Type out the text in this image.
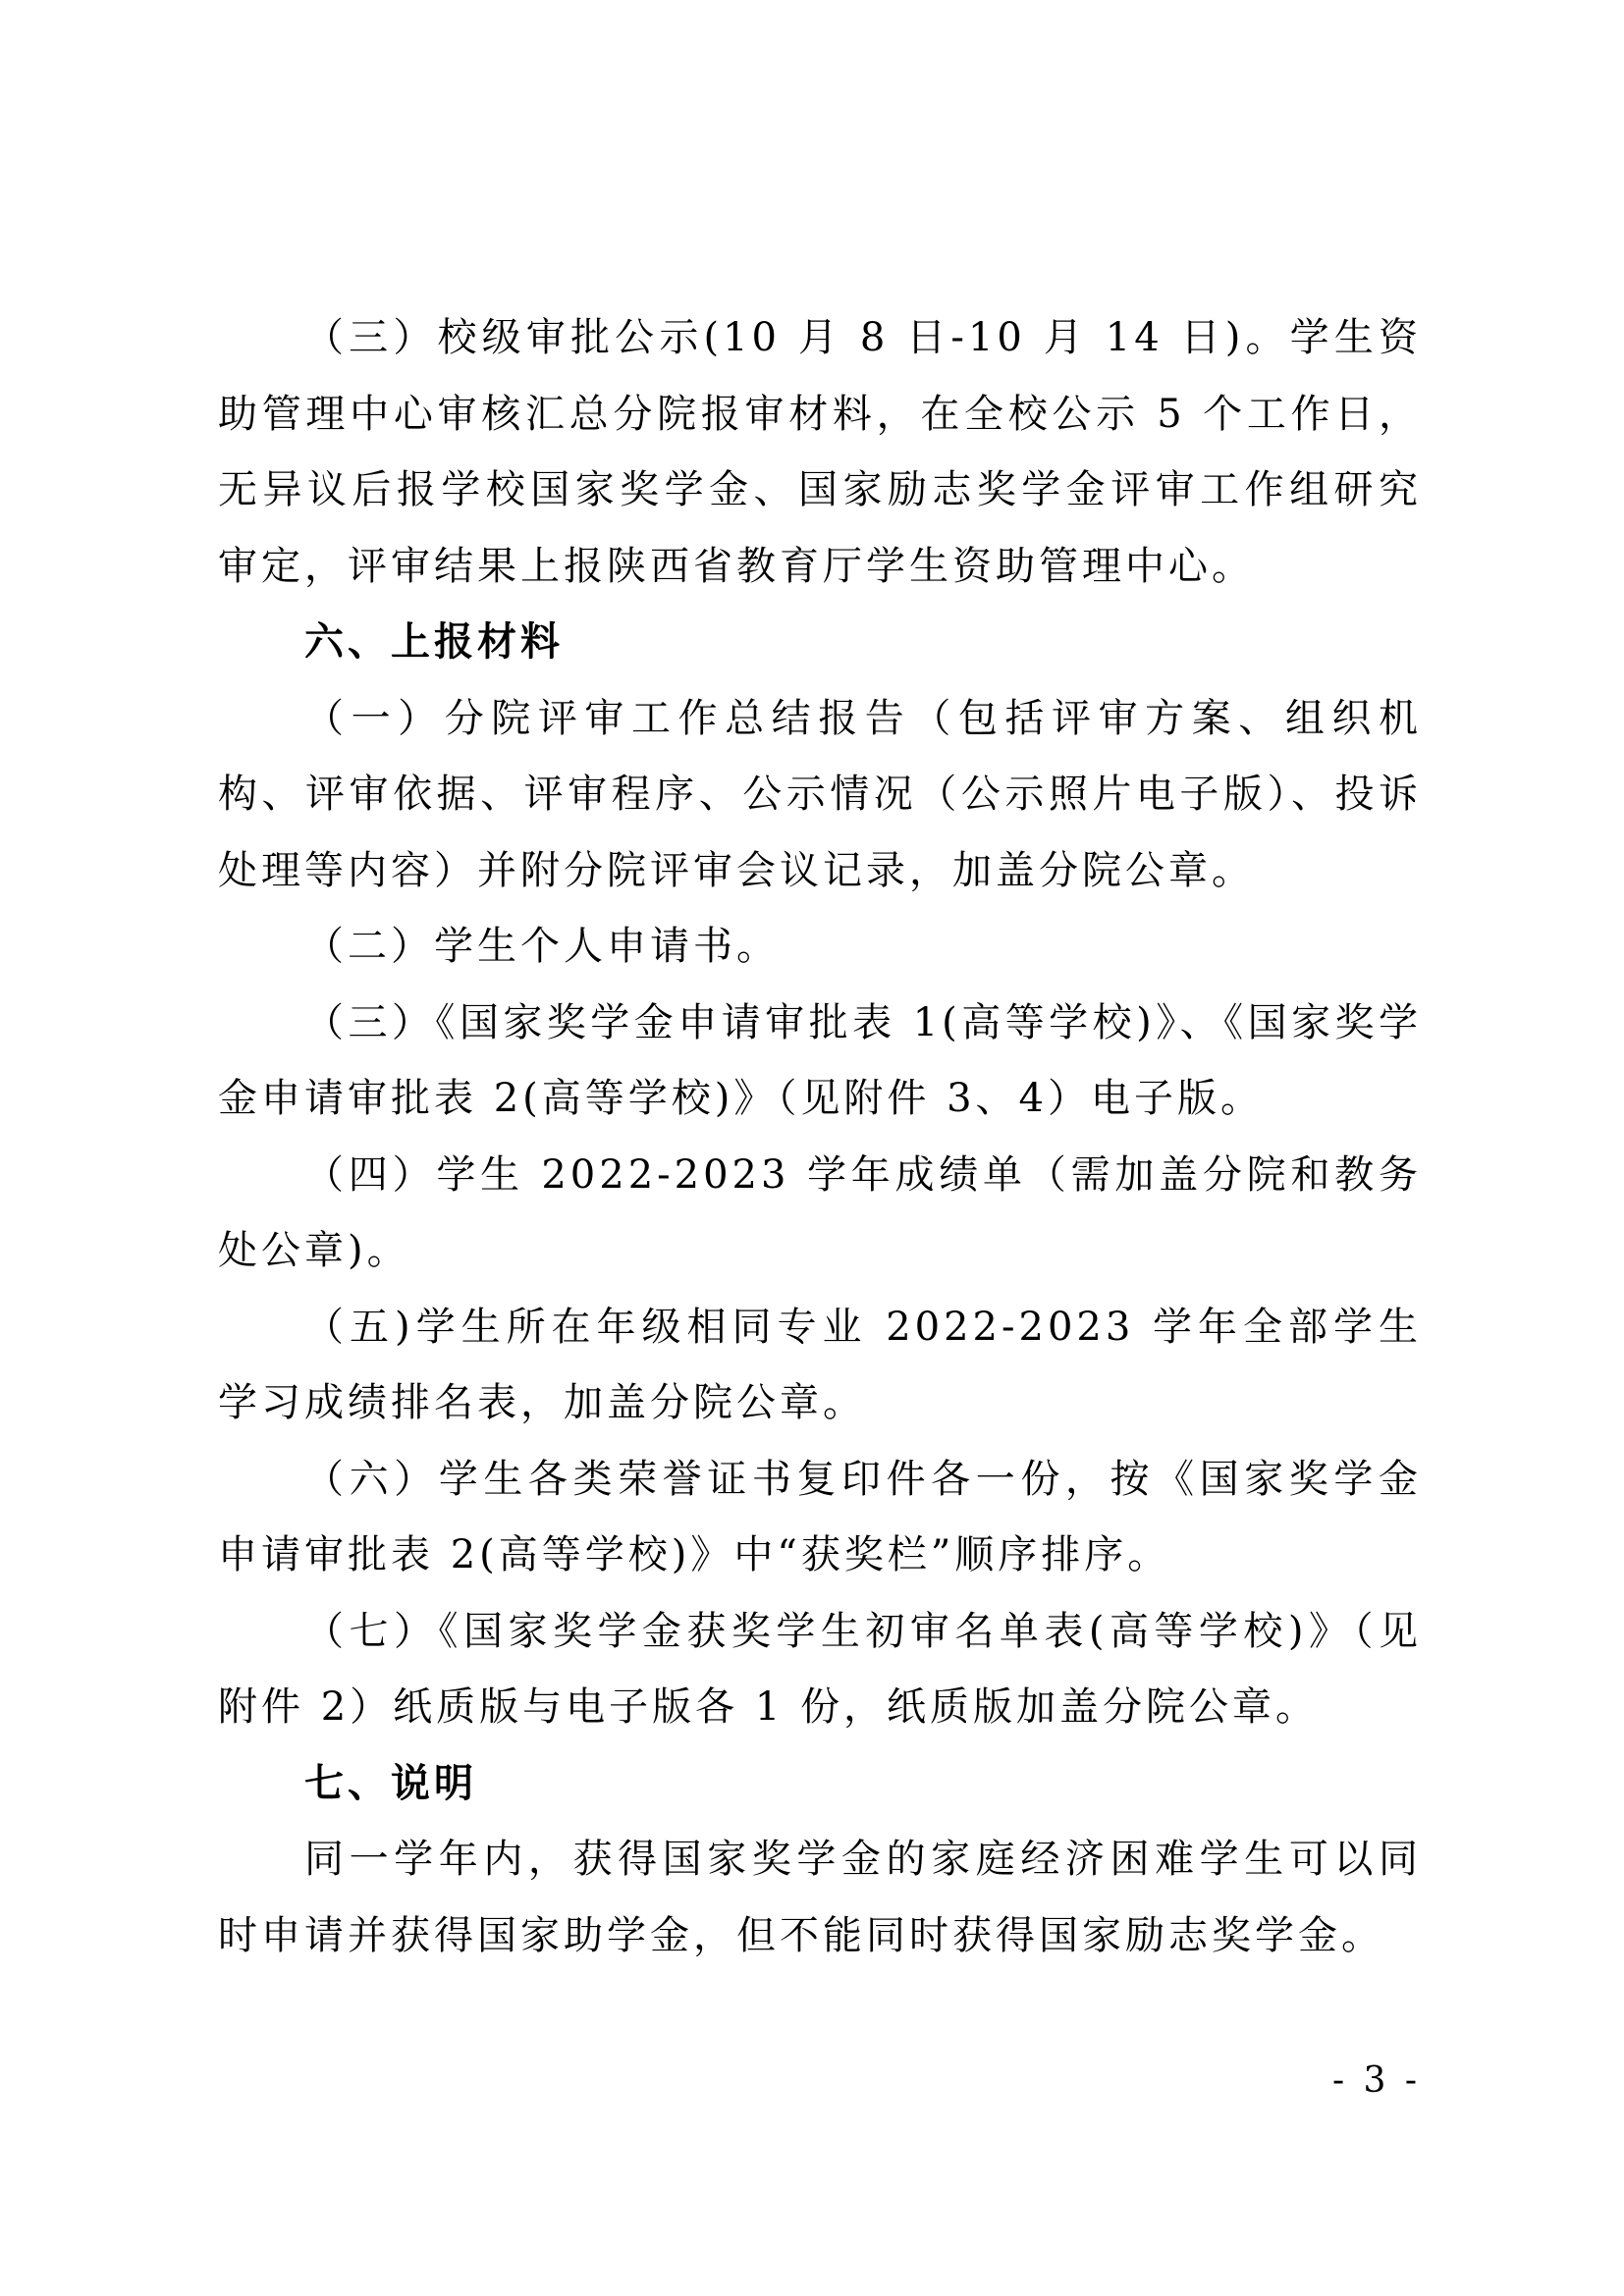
（三）校级审批公示(10 月 8 日-10 月 14 日)。学生资助管理中心审核汇总分院报审材料，在全校公示 5 个工作日，无异议后报学校国家奖学金、国家励志奖学金评审工作组研究审定，评审结果上报陕西省教育厅学生资助管理中心。

六、上报材料

（一）分院评审工作总结报告（包括评审方案、组织机构、评审依据、评审程序、公示情况（公示照片电子版）、投诉处理等内容）并附分院评审会议记录，加盖分院公章。

（二）学生个人申请书。

（三）《国家奖学金申请审批表 1(高等学校)》、《国家奖学金申请审批表 2(高等学校)》（见附件 3、4）电子版。

（四）学生 2022-2023 学年成绩单（需加盖分院和教务处公章)。

（五)学生所在年级相同专业 2022-2023 学年全部学生学习成绩排名表，加盖分院公章。

（六）学生各类荣誉证书复印件各一份，按《国家奖学金申请审批表 2(高等学校)》中“获奖栏”顺序排序。

（七）《国家奖学金获奖学生初审名单表(高等学校)》（见附件 2）纸质版与电子版各 1 份，纸质版加盖分院公章。

七、说明

同一学年内，获得国家奖学金的家庭经济困难学生可以同时申请并获得国家助学金，但不能同时获得国家励志奖学金。

- 3 -
